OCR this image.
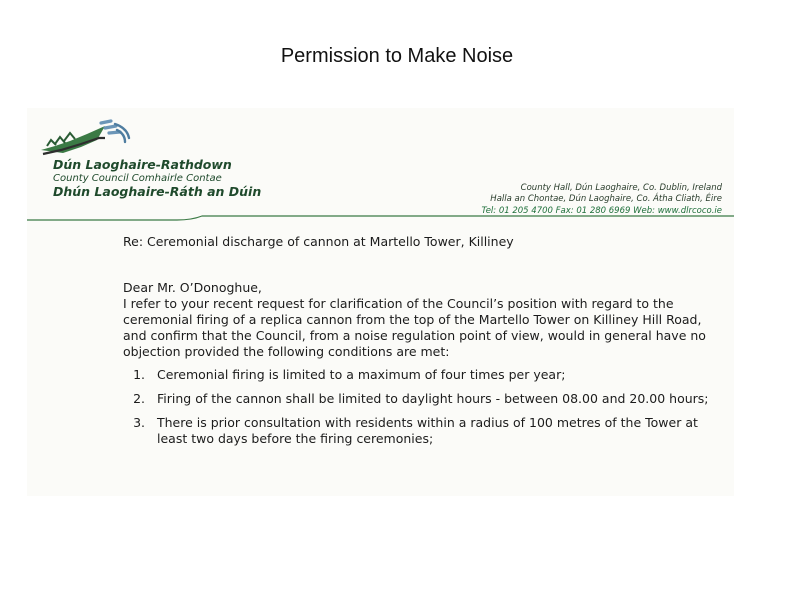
Permission to Make Noise
Dún Laoghaire-Rathdown
County Council Comhairle Contae
Dhún Laoghaire-Ráth an Dúin	County Hall, Dún Laoghaire, Co. Dublin, Ireland
Halla an Chontae, Dún Laoghaire, Co. Átha Cliath, Éire
Tel: 01 205 4700 Fax: 01 280 6969 Web: www.dlrcoco.ie

Re: Ceremonial discharge of cannon at Martello Tower, Killiney

Dear Mr. O’Donoghue,

I refer to your recent request for clarification of the Council’s position with regard to the ceremonial firing of a replica cannon from the top of the Martello Tower on Killiney Hill Road, and confirm that the Council, from a noise regulation point of view, would in general have no objection provided the following conditions are met:

1. Ceremonial firing is limited to a maximum of four times per year;
2. Firing of the cannon shall be limited to daylight hours - between 08.00 and 20.00 hours;
3. There is prior consultation with residents within a radius of 100 metres of the Tower at least two days before the firing ceremonies;
